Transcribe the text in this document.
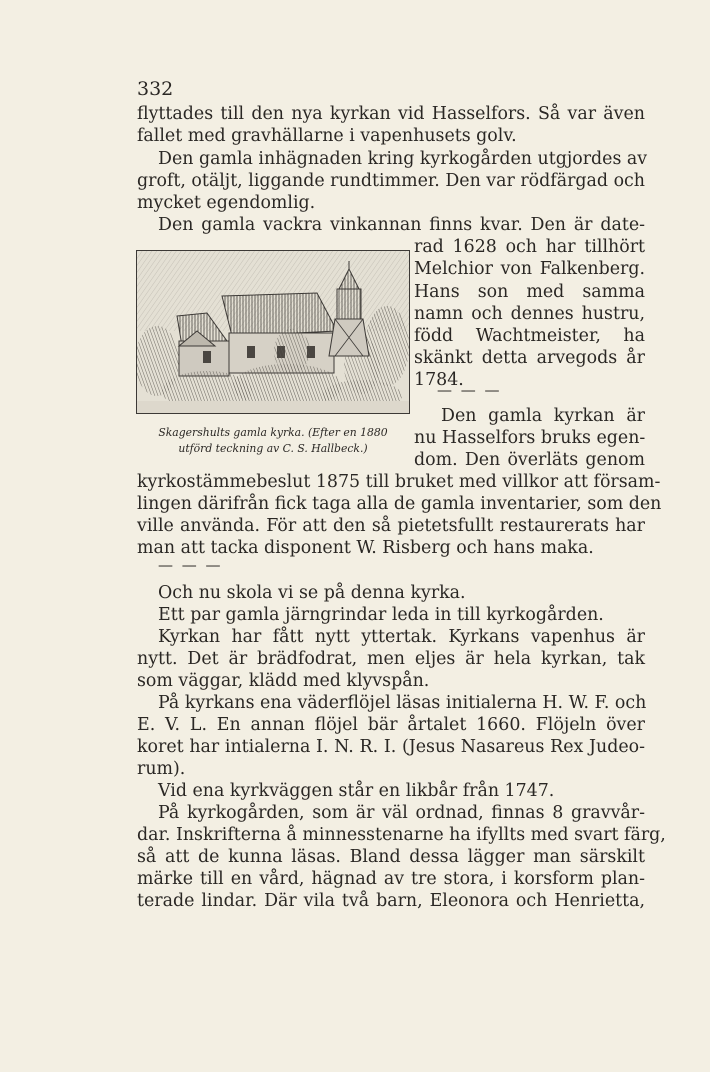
332
flyttades till den nya kyrkan vid Hasselfors. Så var även
fallet med gravhällarne i vapenhusets golv.
Den gamla inhägnaden kring kyrkogården utgjordes av
groft, otäljt, liggande rundtimmer. Den var rödfärgad och
mycket egendomlig.
Den gamla vackra vinkannan finns kvar. Den är date-
rad 1628 och har tillhört
Melchior von Falkenberg.
Hans son med samma
namn och dennes hustru,
född Wachtmeister, ha
skänkt detta arvegods år
1784.
— — —
Den gamla kyrkan är
nu Hasselfors bruks egen-
dom. Den överläts genom
Skagershults gamla kyrka. (Efter en 1880
utförd teckning av C. S. Hallbeck.)
kyrkostämmebeslut 1875 till bruket med villkor att försam-
lingen därifrån fick taga alla de gamla inventarier, som den
ville använda. För att den så pietetsfullt restaurerats har
man att tacka disponent W. Risberg och hans maka.
— — —
Och nu skola vi se på denna kyrka.
Ett par gamla järngrindar leda in till kyrkogården.
Kyrkan har fått nytt yttertak. Kyrkans vapenhus är
nytt. Det är brädfodrat, men eljes är hela kyrkan, tak
som väggar, klädd med klyvspån.
På kyrkans ena väderflöjel läsas initialerna H. W. F. och
E. V. L. En annan flöjel bär årtalet 1660. Flöjeln över
koret har intialerna I. N. R. I. (Jesus Nasareus Rex Judeo-
rum).
Vid ena kyrkväggen står en likbår från 1747.
På kyrkogården, som är väl ordnad, finnas 8 gravvår-
dar. Inskrifterna å minnesstenarne ha ifyllts med svart färg,
så att de kunna läsas. Bland dessa lägger man särskilt
märke till en vård, hägnad av tre stora, i korsform plan-
terade lindar. Där vila två barn, Eleonora och Henrietta,
